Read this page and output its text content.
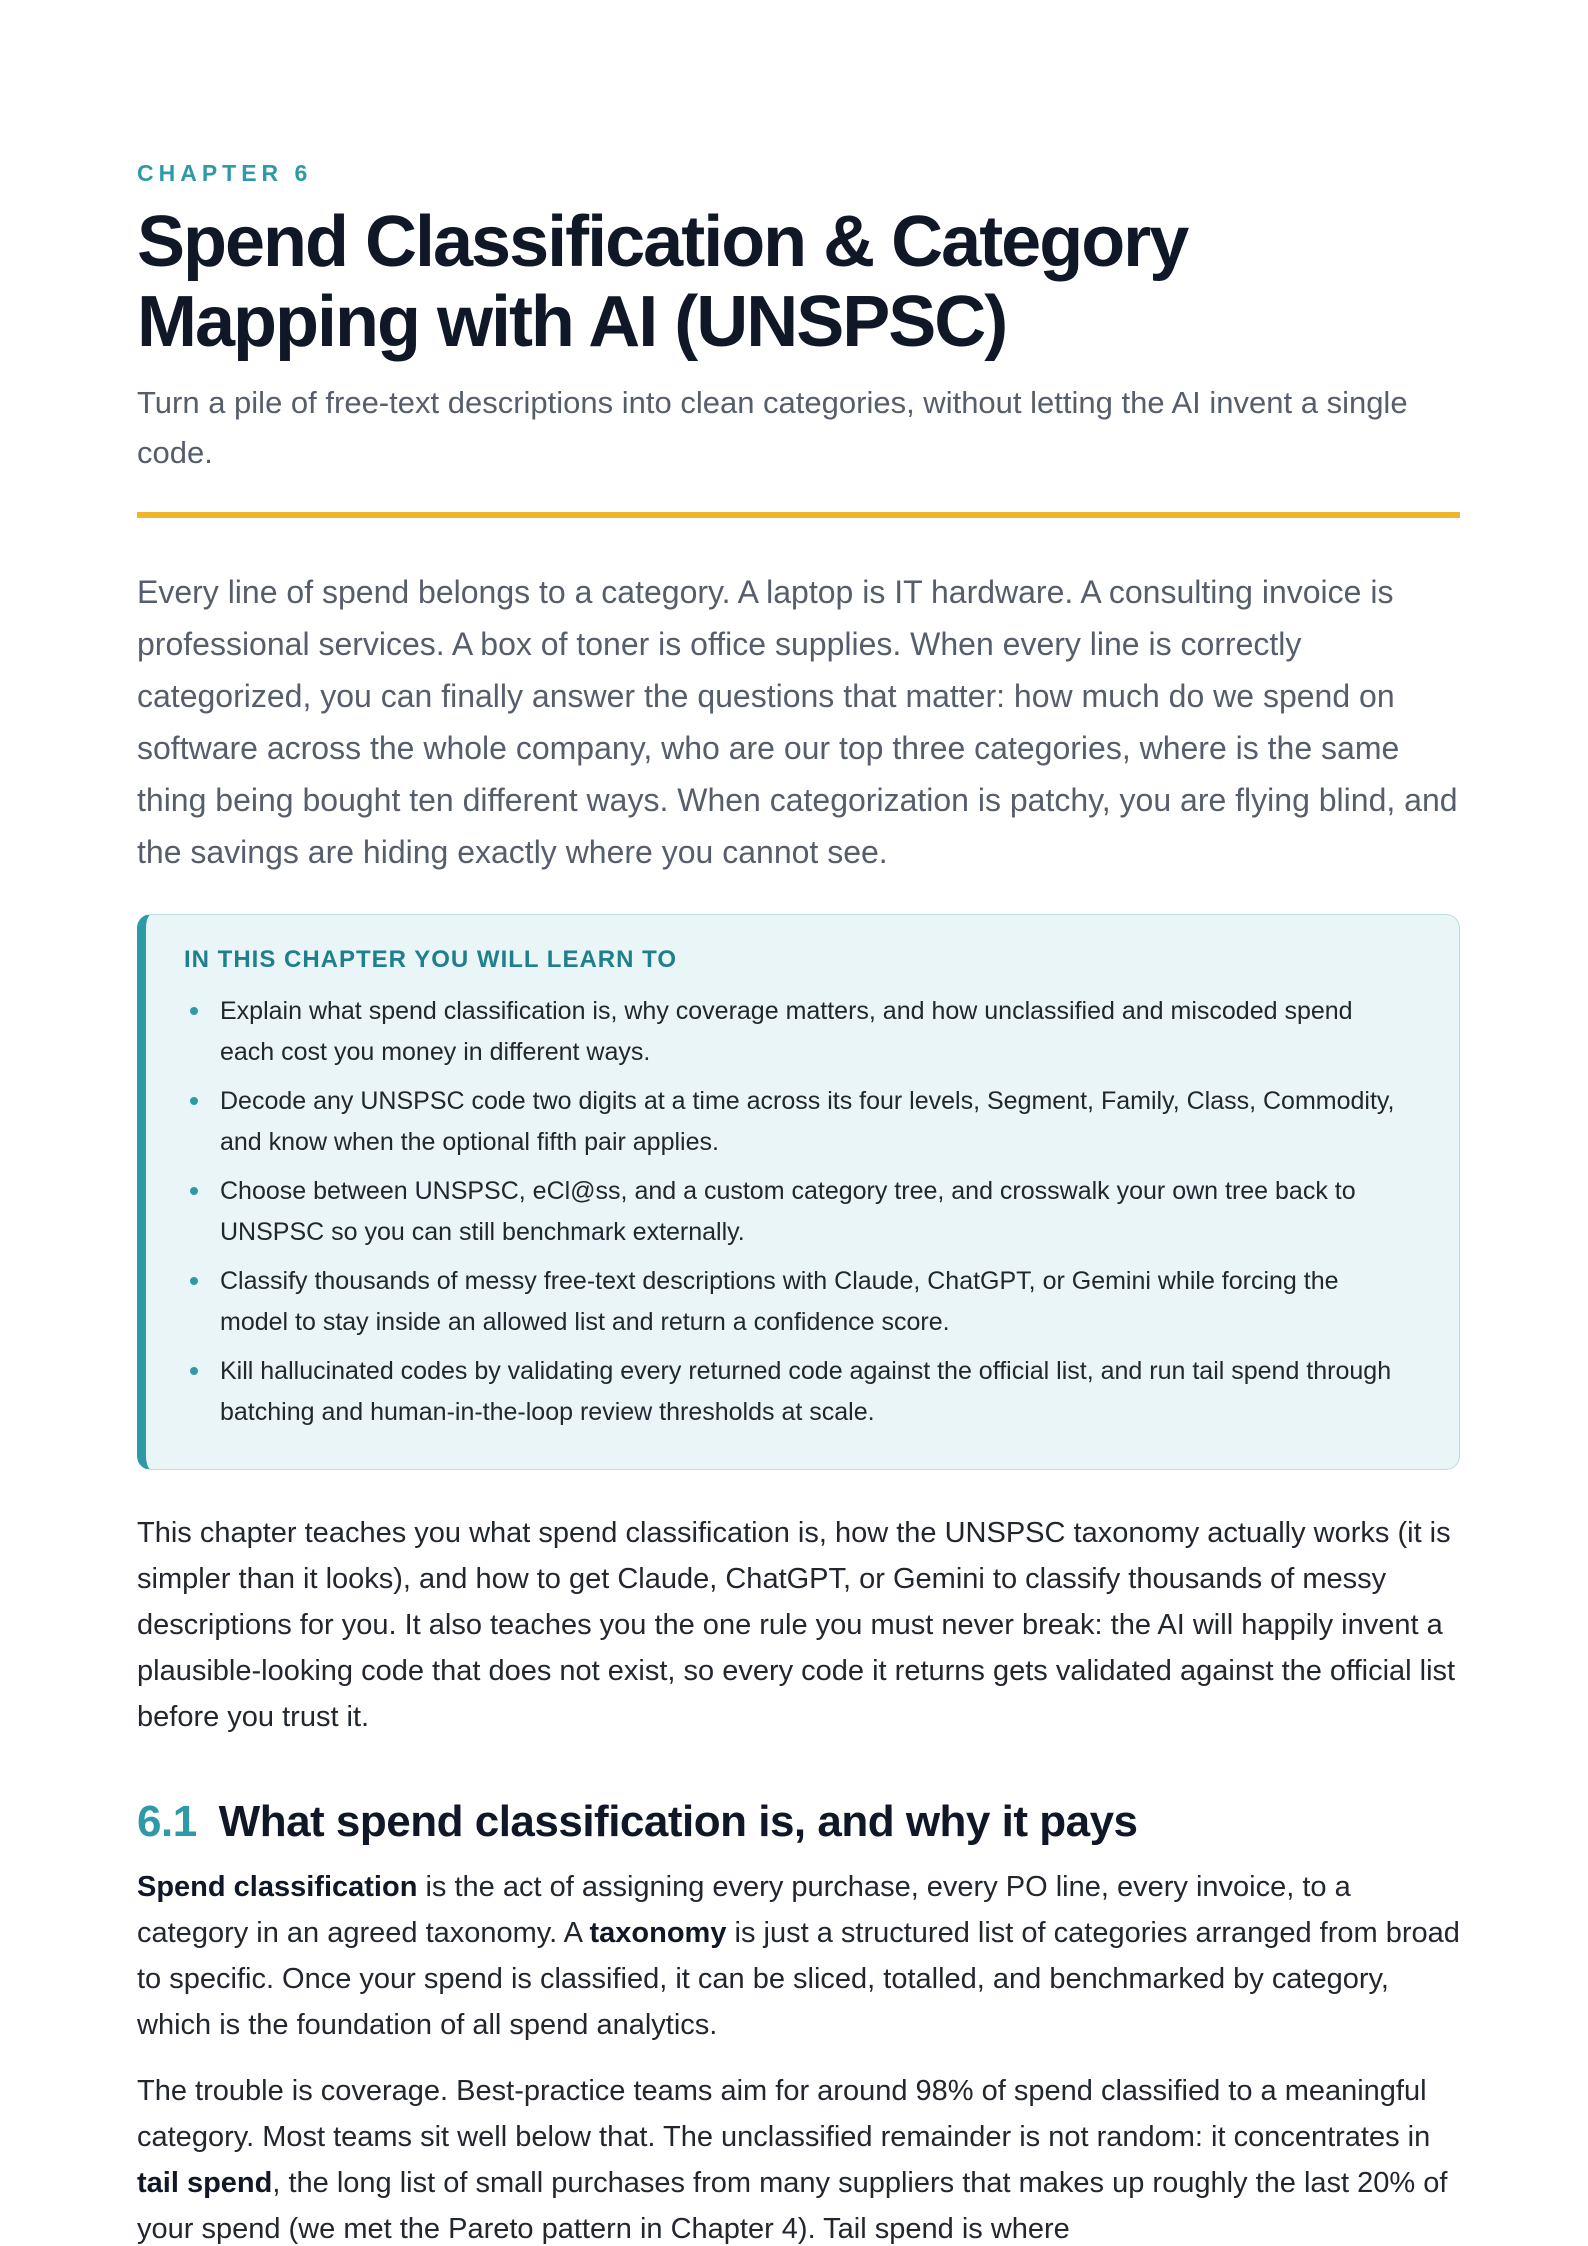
CHAPTER 6
Spend Classification & Category
Mapping with AI (UNSPSC)

Turn a pile of free-text descriptions into clean categories, without letting the AI invent a single code.

Every line of spend belongs to a category. A laptop is IT hardware. A consulting invoice is professional services. A box of toner is office supplies. When every line is correctly categorized, you can finally answer the questions that matter: how much do we spend on software across the whole company, who are our top three categories, where is the same thing being bought ten different ways. When categorization is patchy, you are flying blind, and the savings are hiding exactly where you cannot see.

IN THIS CHAPTER YOU WILL LEARN TO
Explain what spend classification is, why coverage matters, and how unclassified and miscoded spend each cost you money in different ways.
Decode any UNSPSC code two digits at a time across its four levels, Segment, Family, Class, Commodity, and know when the optional fifth pair applies.
Choose between UNSPSC, eCl@ss, and a custom category tree, and crosswalk your own tree back to UNSPSC so you can still benchmark externally.
Classify thousands of messy free-text descriptions with Claude, ChatGPT, or Gemini while forcing the model to stay inside an allowed list and return a confidence score.
Kill hallucinated codes by validating every returned code against the official list, and run tail spend through batching and human-in-the-loop review thresholds at scale.

This chapter teaches you what spend classification is, how the UNSPSC taxonomy actually works (it is simpler than it looks), and how to get Claude, ChatGPT, or Gemini to classify thousands of messy descriptions for you. It also teaches you the one rule you must never break: the AI will happily invent a plausible-looking code that does not exist, so every code it returns gets validated against the official list before you trust it.

6.1 What spend classification is, and why it pays

Spend classification is the act of assigning every purchase, every PO line, every invoice, to a category in an agreed taxonomy. A taxonomy is just a structured list of categories arranged from broad to specific. Once your spend is classified, it can be sliced, totalled, and benchmarked by category, which is the foundation of all spend analytics.

The trouble is coverage. Best-practice teams aim for around 98% of spend classified to a meaningful category. Most teams sit well below that. The unclassified remainder is not random: it concentrates in tail spend, the long list of small purchases from many suppliers that makes up roughly the last 20% of your spend (we met the Pareto pattern in Chapter 4). Tail spend is where
